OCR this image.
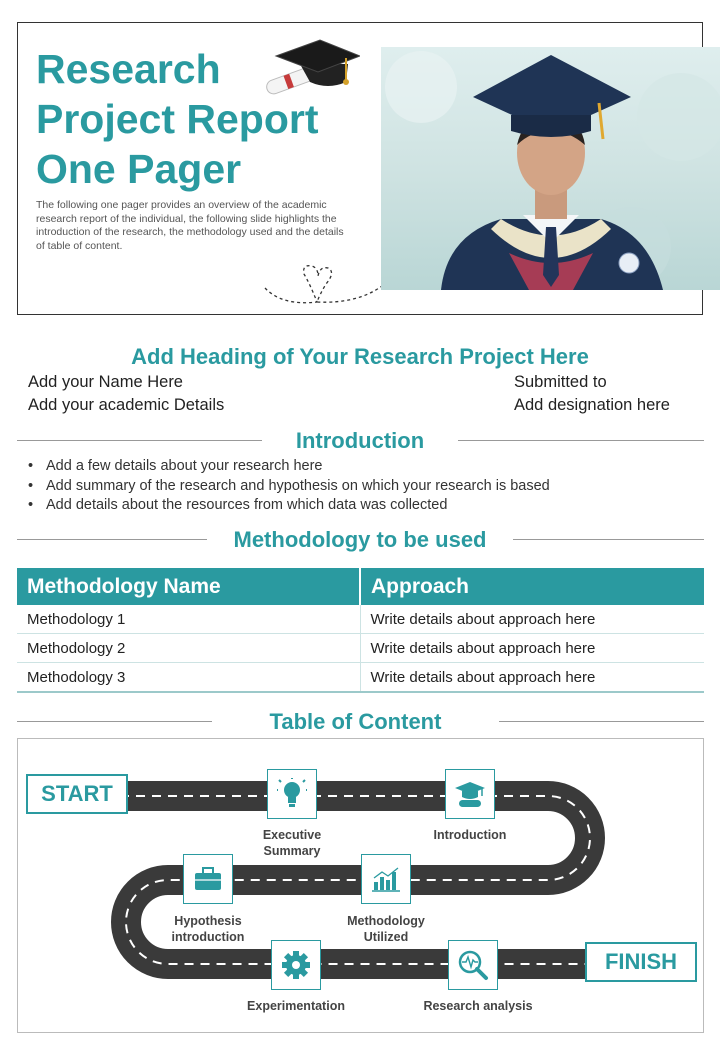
Research
Project Report
One Pager
The following one pager provides an overview of the academic research report of the individual, the following slide highlights the introduction of the research, the methodology used and the details of table of content.
Add Heading of Your Research Project Here
Add your Name Here
Add your academic Details
Submitted to
Add designation here
Introduction
• Add a few details about your research here
• Add summary of the research and hypothesis on which your research is based
• Add details about the resources from which data was collected
Methodology to be used
Methodology Name	Approach
Methodology 1	Write details about approach here
Methodology 2	Write details about approach here
Methodology 3	Write details about approach here
Table of Content
START
FINISH
Executive
Summary
Introduction
Hypothesis
introduction
Methodology
Utilized
Experimentation	Research analysis
